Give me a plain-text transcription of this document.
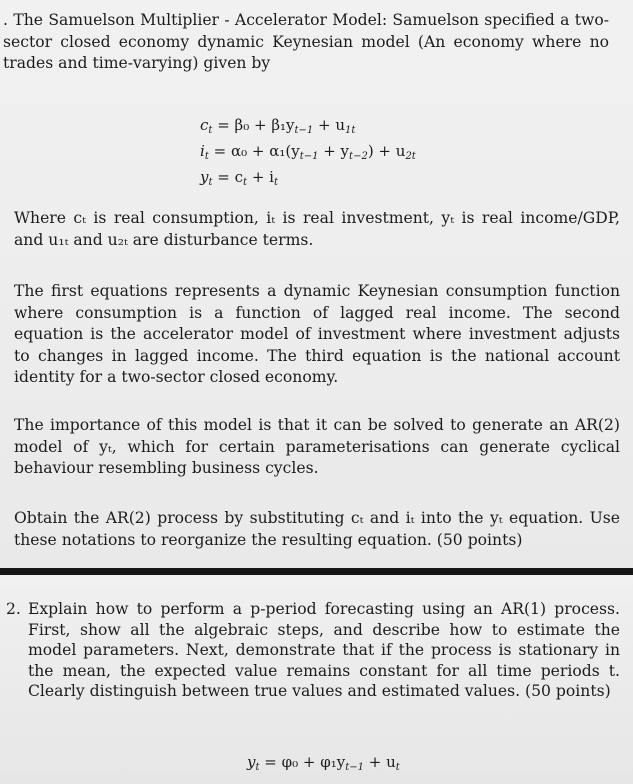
. The Samuelson Multiplier - Accelerator Model: Samuelson specified a two-sector closed economy dynamic Keynesian model (An economy where no trades and time-varying) given by

$c_t = \beta_0 + \beta_1y_{t-1} + u_{1t}$
$i_t = \alpha_0 + \alpha_1(y_{t-1} + y_{t-2}) + u_{2t}$
$y_t = c_t + i_t$

Where cₜ is real consumption, iₜ is real investment, yₜ is real income/GDP, and u₁ₜ and u₂ₜ are disturbance terms.

The first equations represents a dynamic Keynesian consumption function where consumption is a function of lagged real income. The second equation is the accelerator model of investment where investment adjusts to changes in lagged income. The third equation is the national account identity for a two-sector closed economy.

The importance of this model is that it can be solved to generate an AR(2) model of yₜ, which for certain parameterisations can generate cyclical behaviour resembling business cycles.

Obtain the AR(2) process by substituting cₜ and iₜ into the yₜ equation. Use these notations to reorganize the resulting equation. (50 points)

2. Explain how to perform a p-period forecasting using an AR(1) process. First, show all the algebraic steps, and describe how to estimate the model parameters. Next, demonstrate that if the process is stationary in the mean, the expected value remains constant for all time periods t. Clearly distinguish between true values and estimated values. (50 points)
$y_t = \varphi_0 + \varphi_1y_{t-1} + u_t$
